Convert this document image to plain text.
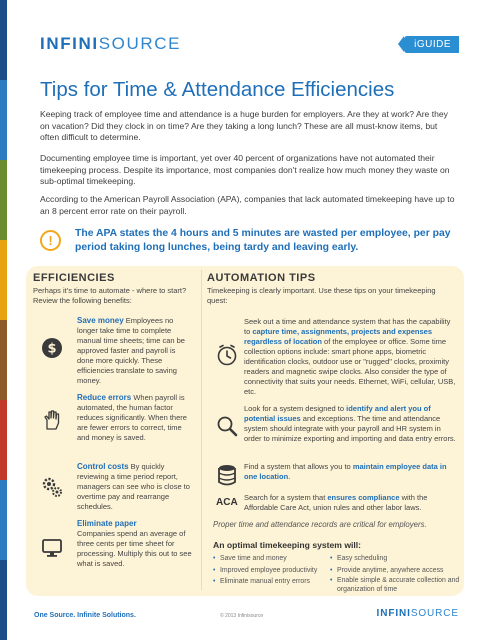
INFINISOURCE	iGUIDE
Tips for Time & Attendance Efficiencies

Keeping track of employee time and attendance is a huge burden for employers. Are they at work? Are they on vacation? Did they clock in on time? Are they taking a long lunch? These are all must-know items, but often difficult to determine.

Documenting employee time is important, yet over 40 percent of organizations have not automated their timekeeping process. Despite its importance, most companies don't realize how much money they waste on sub-optimal timekeeping.

According to the American Payroll Association (APA), companies that lack automated timekeeping have up to an 8 percent error rate on their payroll.

!	The APA states the 4 hours and 5 minutes are wasted per employee, per pay period taking long lunches, being tardy and leaving early.

EFFICIENCIES

Perhaps it's time to automate - where to start? Review the following benefits:

$

Save money Employees no longer take time to complete manual time sheets; time can be approved faster and payroll is done more quickly. These efficiencies translate to saving money.

Reduce errors When payroll is automated, the human factor reduces significantly. When there are fewer errors to correct, time and money is saved.

Control costs By quickly reviewing a time period report, managers can see who is close to overtime pay and rearrange schedules.

Eliminate paper
Companies spend an average of three cents per time sheet for processing. Multiply this out to see what is saved.

AUTOMATION TIPS

Timekeeping is clearly important. Use these tips on your timekeeping quest:

Seek out a time and attendance system that has the capability to capture time, assignments, projects and expenses regardless of location of the employee or office. Some time collection options include: smart phone apps, biometric identification clocks, outdoor use or "rugged" clocks, proximity readers and magnetic swipe clocks. Also consider the type of connectivity that suits your needs. Ethernet, WiFi, cellular, USB, etc.

Look for a system designed to identify and alert you of potential issues and exceptions. The time and attendance system should integrate with your payroll and HR system in order to minimize exporting and importing and data entry errors.

Find a system that allows you to maintain employee data in one location.

ACA Search for a system that ensures compliance with the Affordable Care Act, union rules and other labor laws.

Proper time and attendance records are critical for employers.
An optimal timekeeping system will:
• Save time and money
• Improved employee productivity
• Eliminate manual entry errors
• Easy scheduling
• Provide anytime, anywhere access
• Enable simple & accurate collection and organization of time
One Source. Infinite Solutions.	© 2013 Infinisource	INFINISOURCE
